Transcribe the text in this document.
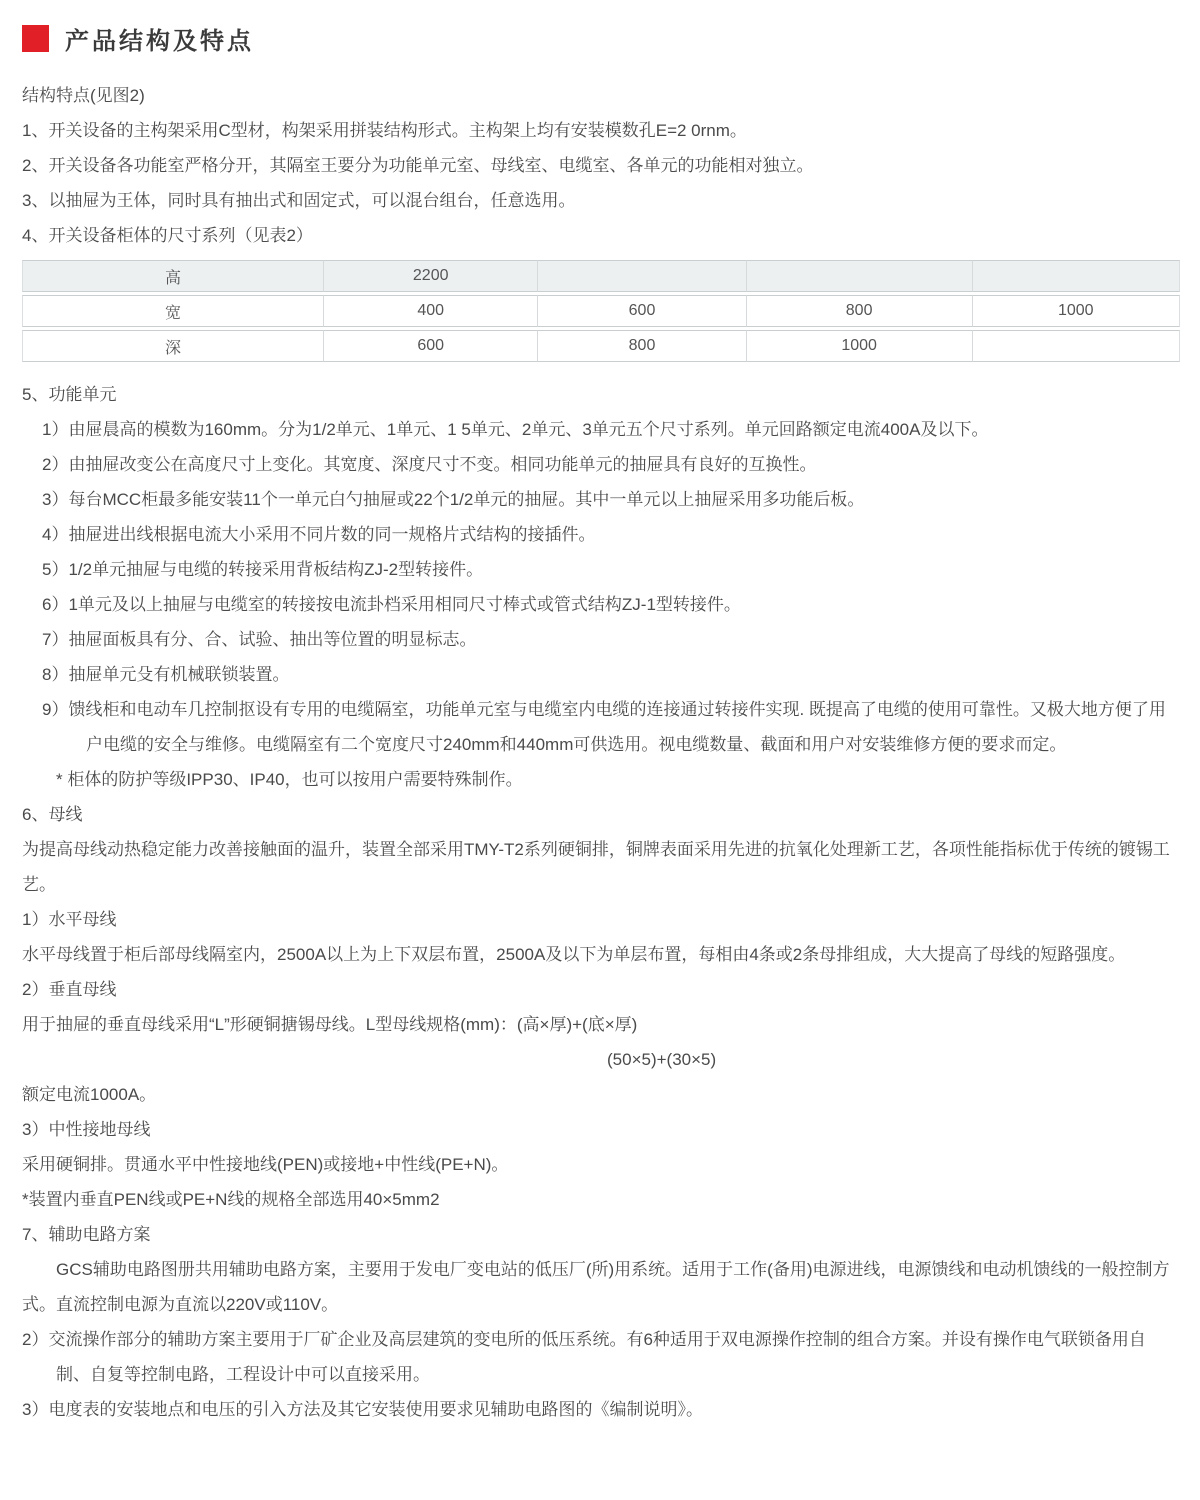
产品结构及特点
结构特点(见图2)
1、开关设备的主构架采用C型材，构架采用拼装结构形式。主构架上均有安装模数孔E=2 0rnm。
2、开关设备各功能室严格分开，其隔室王要分为功能单元室、母线室、电缆室、各单元的功能相对独立。
3、以抽屉为王体，同时具有抽出式和固定式，可以混台组台，任意选用。
4、开关设备柜体的尺寸系列（见表2）
高	2200			
宽	400	600	800	1000
深	600	800	1000	
5、功能单元
1）由屉晨高的模数为160mm。分为1/2单元、1单元、1 5单元、2单元、3单元五个尺寸系列。单元回路额定电流400A及以下。
2）由抽屉改变公在高度尺寸上变化。其宽度、深度尺寸不变。相同功能单元的抽屉具有良好的互换性。
3）每台MCC柜最多能安装11个一单元白勺抽屉或22个1/2单元的抽屉。其中一单元以上抽屉采用多功能后板。
4）抽屉进出线根据电流大小采用不同片数的同一规格片式结构的接插件。
5）1/2单元抽屉与电缆的转接采用背板结构ZJ-2型转接件。
6）1单元及以上抽屉与电缆室的转接按电流卦档采用相同尺寸棒式或管式结构ZJ-1型转接件。
7）抽屉面板具有分、合、试验、抽出等位置的明显标志。
8）抽屉单元殳有机械联锁装置。
9）馈线柜和电动车几控制抠设有专用的电缆隔室，功能单元室与电缆室内电缆的连接通过转接件实现. 既提高了电缆的使用可靠性。又极大地方便了用户电缆的安全与维修。电缆隔室有二个宽度尺寸240mm和440mm可供选用。视电缆数量、截面和用户对安装维修方便的要求而定。
* 柜体的防护等级IPP30、IP40，也可以按用户需要特殊制作。
6、母线
为提高母线动热稳定能力改善接触面的温升，装置全部采用TMY-T2系列硬铜排，铜牌表面采用先进的抗氧化处理新工艺，各项性能指标优于传统的镀锡工艺。
1）水平母线
水平母线置于柜后部母线隔室内，2500A以上为上下双层布置，2500A及以下为单层布置，每相由4条或2条母排组成，大大提高了母线的短路强度。
2）垂直母线
用于抽屉的垂直母线采用“L”形硬铜搪锡母线。L型母线规格(mm)：(高×厚)+(底×厚)
(50×5)+(30×5)
额定电流1000A。
3）中性接地母线
采用硬铜排。贯通水平中性接地线(PEN)或接地+中性线(PE+N)。
*装置内垂直PEN线或PE+N线的规格全部选用40×5mm2
7、辅助电路方案
GCS辅助电路图册共用辅助电路方案，主要用于发电厂变电站的低压厂(所)用系统。适用于工作(备用)电源进线，电源馈线和电动机馈线的一般控制方式。直流控制电源为直流以220V或110V。
2）交流操作部分的辅助方案主要用于厂矿企业及高层建筑的变电所的低压系统。有6种适用于双电源操作控制的组合方案。并设有操作电气联锁备用自制、自复等控制电路，工程设计中可以直接采用。
3）电度表的安装地点和电压的引入方法及其它安装使用要求见辅助电路图的《编制说明》。
